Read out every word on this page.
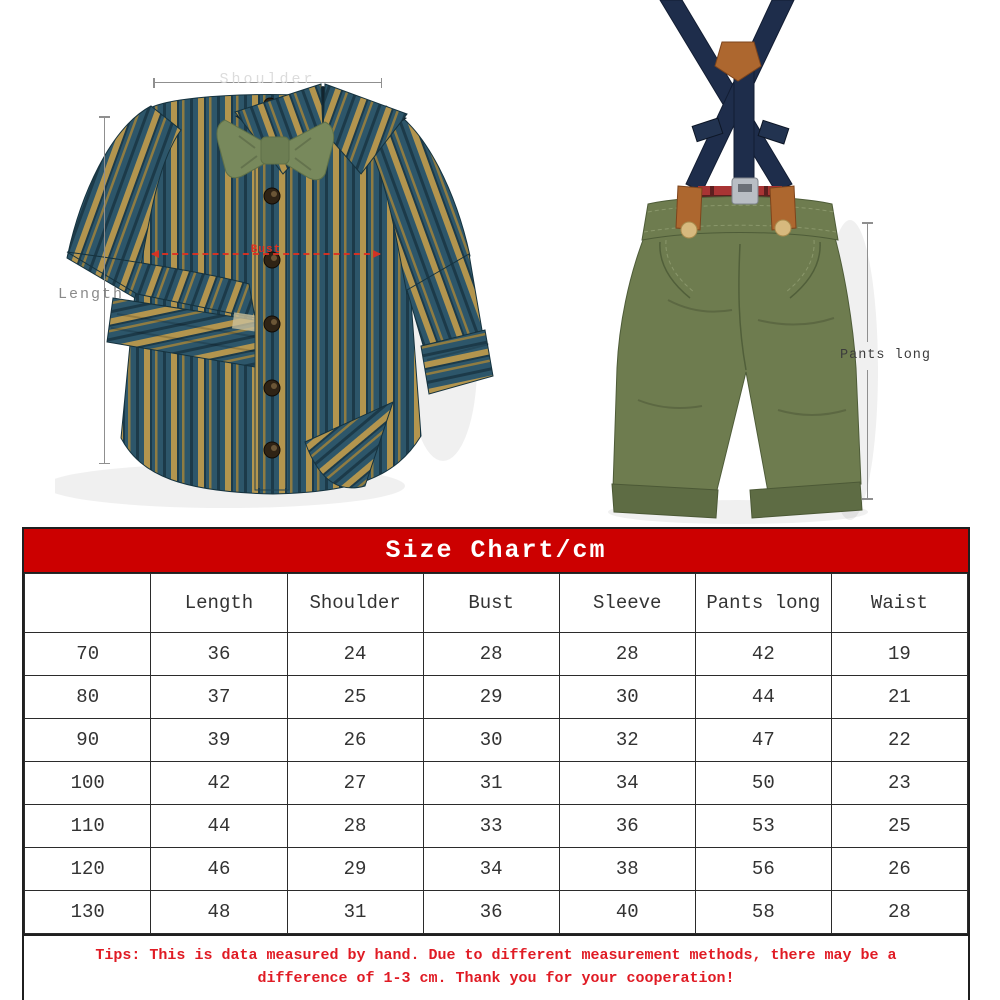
Shoulder
Length
Bust
Pants long
Size Chart/cm
	Length	Shoulder	Bust	Sleeve	Pants long	Waist
70	36	24	28	28	42	19
80	37	25	29	30	44	21
90	39	26	30	32	47	22
100	42	27	31	34	50	23
110	44	28	33	36	53	25
120	46	29	34	38	56	26
130	48	31	36	40	58	28
Tips: This is data measured by hand. Due to different measurement methods, there may be a difference of 1-3 cm. Thank you for your cooperation!
